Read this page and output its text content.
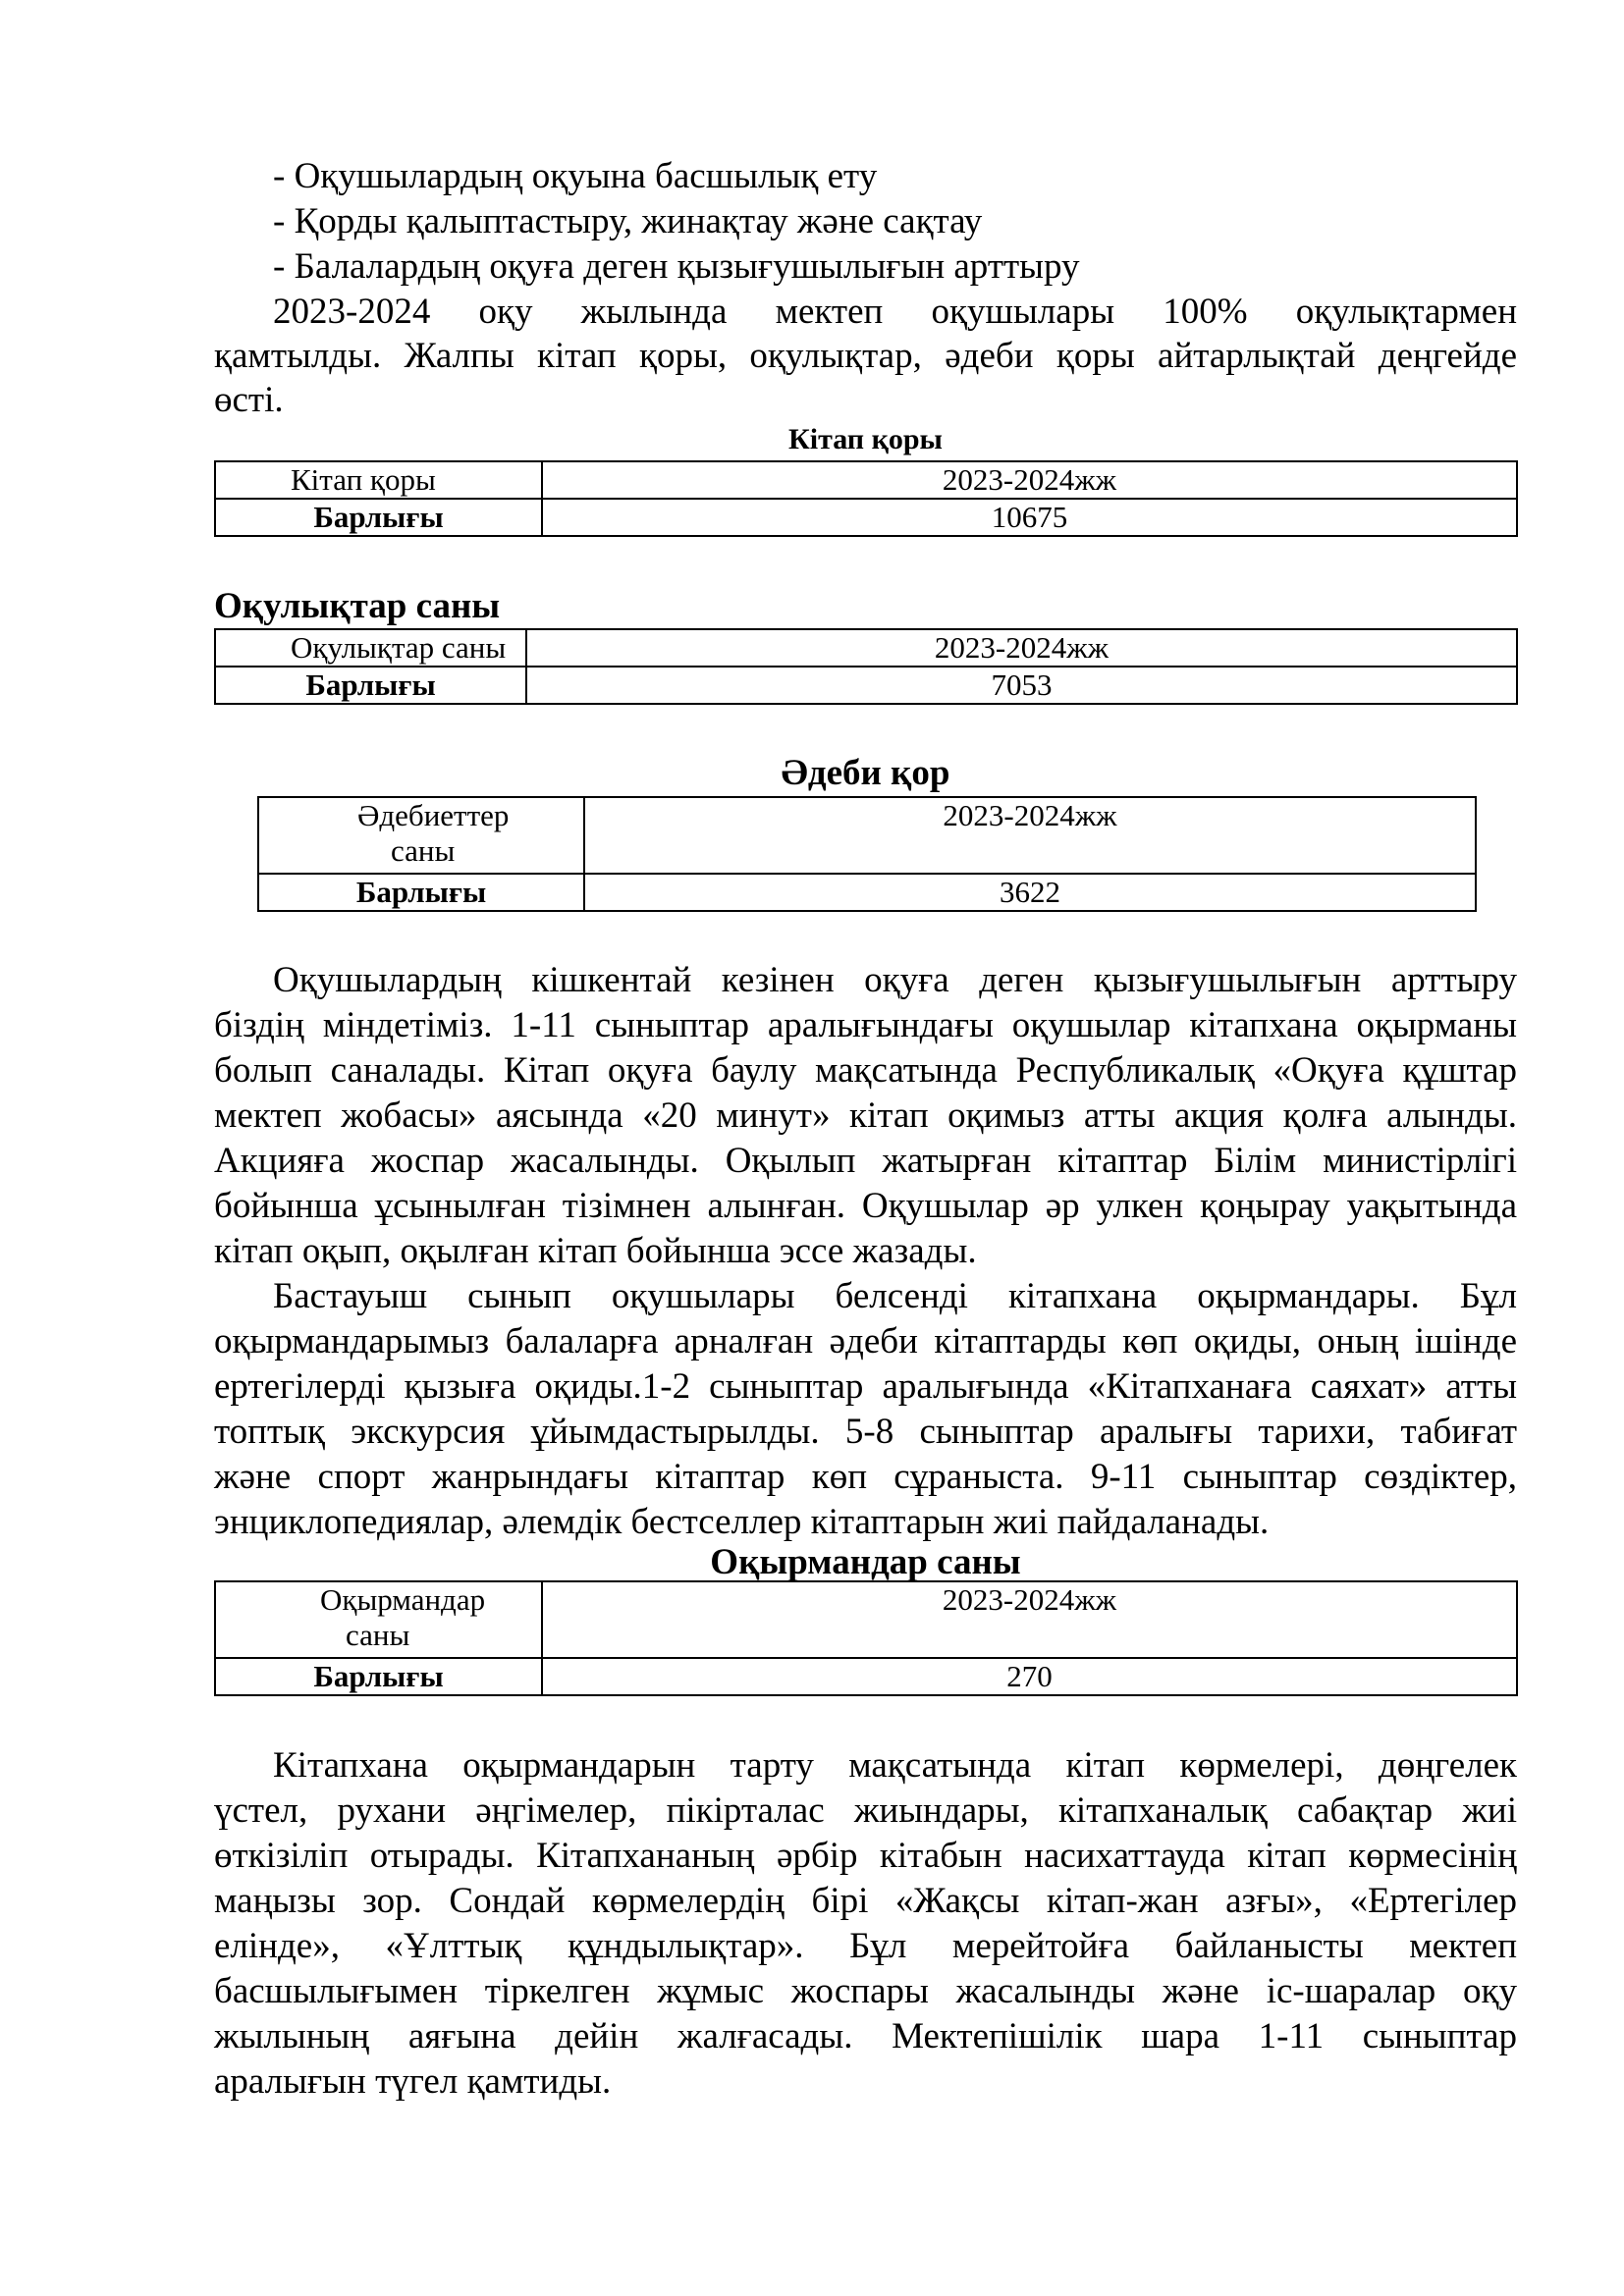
- Оқушылардың оқуына басшылық ету
- Қорды қалыптастыру, жинақтау және сақтау
- Балалардың оқуға деген қызығушылығын арттыру
2023-2024 оқу жылында мектеп оқушылары 100% оқулықтармен
қамтылды. Жалпы кітап қоры, оқулықтар, әдеби қоры айтарлықтай деңгейде
өсті.
Кітап қоры
Кітап қоры	2023-2024жж
Барлығы	10675
Оқулықтар саны
Оқулықтар саны	2023-2024жж
Барлығы	7053
Әдеби қор
Әдебиеттер
саны	2023-2024жж
Барлығы	3622
Оқушылардың кішкентай кезінен оқуға деген қызығушылығын арттыру
біздің міндетіміз. 1-11 сыныптар аралығындағы оқушылар кітапхана оқырманы
болып саналады. Кітап оқуға баулу мақсатында Республикалық «Оқуға құштар
мектеп жобасы» аясында «20 минут» кітап оқимыз атты акция қолға алынды.
Акцияға жоспар жасалынды. Оқылып жатырған кітаптар Білім министірлігі
бойынша ұсынылған тізімнен алынған. Оқушылар әр улкен қоңырау уақытында
кітап оқып, оқылған кітап бойынша эссе жазады.
Бастауыш сынып оқушылары белсенді кітапхана оқырмандары. Бұл
оқырмандарымыз балаларға арналған әдеби кітаптарды көп оқиды, оның ішінде
ертегілерді қызыға оқиды.1-2 сыныптар аралығында «Кітапханаға саяхат» атты
топтық экскурсия ұйымдастырылды. 5-8 сыныптар аралығы тарихи, табиғат
және спорт жанрындағы кітаптар көп сұраныста. 9-11 сыныптар сөздіктер,
энциклопедиялар, әлемдік бестселлер кітаптарын жиі пайдаланады.
Оқырмандар саны
Оқырмандар
саны	2023-2024жж
Барлығы	270
Кітапхана оқырмандарын тарту мақсатында кітап көрмелері, дөңгелек
үстел, рухани әңгімелер, пікірталас жиындары, кітапханалық сабақтар жиі
өткізіліп отырады. Кітапхананың әрбір кітабын насихаттауда кітап көрмесінің
маңызы зор. Сондай көрмелердің бірі «Жақсы кітап-жан азғы», «Ертегілер
елінде», «Ұлттық құндылықтар». Бұл мерейтойға байланысты мектеп
басшылығымен тіркелген жұмыс жоспары жасалынды және іс-шаралар оқу
жылының аяғына дейін жалғасады. Мектепішілік шара 1-11 сыныптар
аралығын түгел қамтиды.
